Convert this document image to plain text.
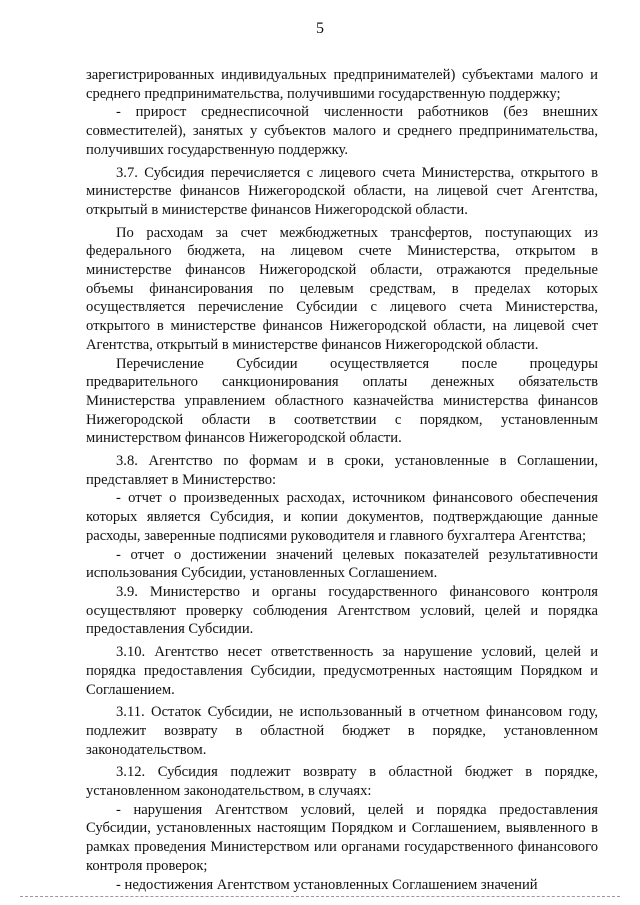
5

зарегистрированных индивидуальных предпринимателей) субъектами малого и среднего предпринимательства, получившими государственную поддержку;

- прирост среднесписочной численности работников (без внешних совместителей), занятых у субъектов малого и среднего предпринимательства, получивших государственную поддержку.

3.7. Субсидия перечисляется с лицевого счета Министерства, открытого в министерстве финансов Нижегородской области, на лицевой счет Агентства, открытый в министерстве финансов Нижегородской области.

По расходам за счет межбюджетных трансфертов, поступающих из федерального бюджета, на лицевом счете Министерства, открытом в министерстве финансов Нижегородской области, отражаются предельные объемы финансирования по целевым средствам, в пределах которых осуществляется перечисление Субсидии с лицевого счета Министерства, открытого в министерстве финансов Нижегородской области, на лицевой счет Агентства, открытый в министерстве финансов Нижегородской области.

Перечисление Субсидии осуществляется после процедуры предварительного санкционирования оплаты денежных обязательств Министерства управлением областного казначейства министерства финансов Нижегородской области в соответствии с порядком, установленным министерством финансов Нижегородской области.

3.8. Агентство по формам и в сроки, установленные в Соглашении, представляет в Министерство:

- отчет о произведенных расходах, источником финансового обеспечения которых является Субсидия, и копии документов, подтверждающие данные расходы, заверенные подписями руководителя и главного бухгалтера Агентства;

- отчет о достижении значений целевых показателей результативности использования Субсидии, установленных Соглашением.

3.9. Министерство и органы государственного финансового контроля осуществляют проверку соблюдения Агентством условий, целей и порядка предоставления Субсидии.

3.10. Агентство несет ответственность за нарушение условий, целей и порядка предоставления Субсидии, предусмотренных настоящим Порядком и Соглашением.

3.11. Остаток Субсидии, не использованный в отчетном финансовом году, подлежит возврату в областной бюджет в порядке, установленном законодательством.

3.12. Субсидия подлежит возврату в областной бюджет в порядке, установленном законодательством, в случаях:

- нарушения Агентством условий, целей и порядка предоставления Субсидии, установленных настоящим Порядком и Соглашением, выявленного в рамках проведения Министерством или органами государственного финансового контроля проверок;

- недостижения Агентством установленных Соглашением значений
